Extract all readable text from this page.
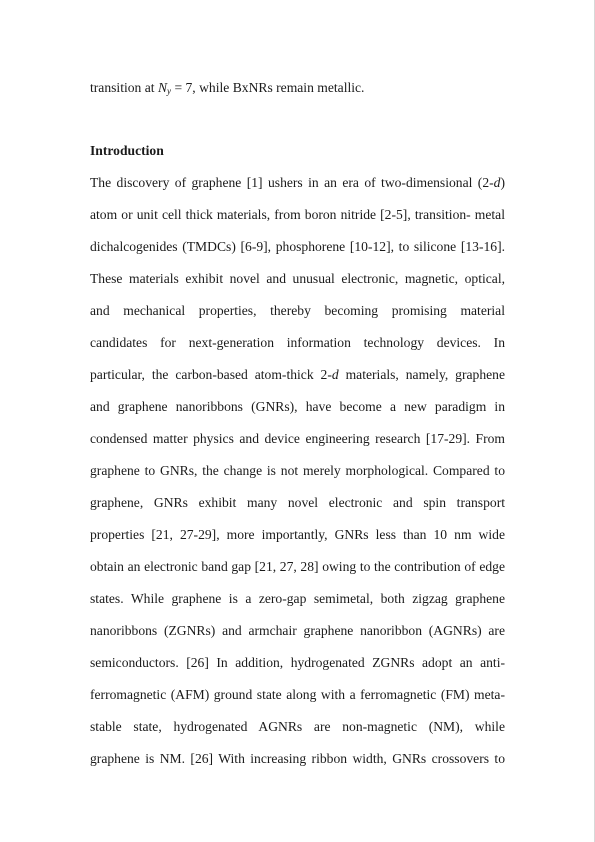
transition at $N_y = 7$, while BxNRs remain metallic.
Introduction
The discovery of graphene [1] ushers in an era of two-dimensional (2-d)
atom or unit cell thick materials, from boron nitride [2-5], transition- metal
dichalcogenides (TMDCs) [6-9], phosphorene [10-12], to silicone [13-16].
These materials exhibit novel and unusual electronic, magnetic, optical,
and mechanical properties, thereby becoming promising material
candidates for next-generation information technology devices. In
particular, the carbon-based atom-thick 2-d materials, namely, graphene
and graphene nanoribbons (GNRs), have become a new paradigm in
condensed matter physics and device engineering research [17-29]. From
graphene to GNRs, the change is not merely morphological. Compared to
graphene, GNRs exhibit many novel electronic and spin transport
properties [21, 27-29], more importantly, GNRs less than 10 nm wide
obtain an electronic band gap [21, 27, 28] owing to the contribution of edge
states. While graphene is a zero-gap semimetal, both zigzag graphene
nanoribbons (ZGNRs) and armchair graphene nanoribbon (AGNRs) are
semiconductors. [26] In addition, hydrogenated ZGNRs adopt an anti-
ferromagnetic (AFM) ground state along with a ferromagnetic (FM) meta-
stable state, hydrogenated AGNRs are non-magnetic (NM), while
graphene is NM. [26] With increasing ribbon width, GNRs crossovers to
